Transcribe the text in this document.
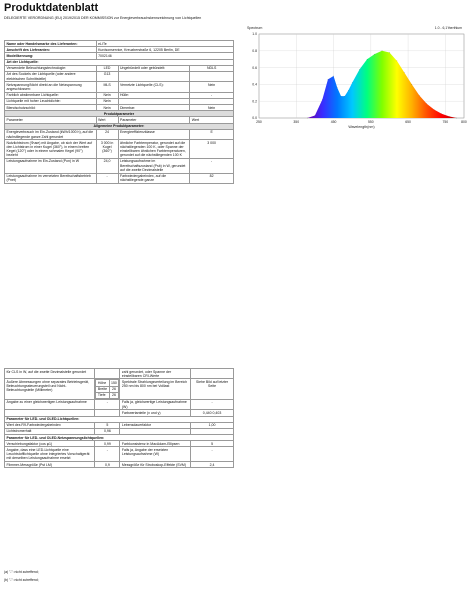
Produktdatenblatt
DELEGIERTE VERORDNUNG (EU) 2019/2015 DER KOMMISSION zur Energieverbrauchskennzeichnung von Lichtquellen
Name oder Handelsmarke des Lieferanten:	eLITe		
Anschrift des Lieferanten:	Kurdsonservice, Kreuzberstraße 6, 12205 Berlin, DE		
Modellkennung:	7002146		
Art der Lichtquelle:			
Verwendete Beleuchtungstechnologie:	LED	Ungebündelt oder gebündelt:	NDLS
Art des Sockels der Lichtquelle (oder andere elektrischen Schnittstelle)	G13		
Netzspannung/Nicht direkt an die Netzspannung angeschlossen:	MLS	Vernetzte Lichtquelle (CLS):	Nein
Farblich abstimmbare Lichtquelle:	Nein	Hülle:	-
Lichtquelle mit hoher Leuchtdichte:	Nein		
Blendschutzschild:	Nein	Dimmbar:	Nein
Produktparameter			
Parameter	Wert	Parameter	Wert
Allgemeine Produktparameter:			
Energieverbrauch im Ein-Zustand (kWh/1000 h), auf die nächstliegende ganze Zahl gerundet	24	Energieeffizienzklasse	E
Nutzlichtstrom (Φuse) mit Angabe, ob sich der Wert auf den Lichtstrom in einer Kugel (360°), in einem breiten Kegel (120°) oder in einem schmalen Kegel (90°) bezieht	3 000 in Kugel (360°)	ähnliche Farbtemperatur, gerundet auf die nächstliegenden 100 K, oder Spanne der einstellbaren ähnlichen Farbtemperaturen, gerundet auf die nächstliegenden 100 K	3 000
Leistungsaufnahme im Ein-Zustand (Pon) in W	24,0	Leistungsaufnahme im Bereitschaftszustand (Psb) in W, gerundet auf die zweite Dezimalstelle	-
Leistungsaufnahme im vernetzten Bereitschaftsbetrieb (Pnet)	-	Farbwiedergabeindex, auf die nächstliegende ganze	82
für CLS in W, auf die zweite Dezimalstelle gerundet		zahl gerundet, oder Spanne der einstellbaren CRI-Werte	
Äußere Abmessungen ohne separates Betriebsgerät, Beleuchtungssteuerungsteil und Nicht-Beleuchtungsteile (Millimeter)	
Höhe	150
Breite	26
Tiefe	26
	Spektrale Strahlungsverteilung im Bereich 250 nm bis 800 nm bei Volllast	Siehe Bild auf letzter Seite
Angabe zu einer gleichwertigen Leistungsaufnahme	-	Falls ja, gleichwertige Leistungsaufnahme (W)	-
		Farbwertanteile (x und y)	0,440 0,403
Parameter für LED- und OLED-Lichtquellen:
Wert des R9-Farbwiedergabeindex	5	Lebensdauerfaktor	1,00
Lichtstromerhalt	0,96		
Parameter für LED- und OLED-Netzspannungslichtquellen:
Verschiebungsfaktor (cos φ1)	0,99	Farbkonsistenz in MacAdam-Ellipsen	5
Angabe, dass eine LED-Lichtquelle eine Leuchtstofflichtquelle ohne integriertes Vorschaltgerät mit derselben Leistungsaufnahme ersetzt	-	Falls ja, Angabe der ersetzten Leistungsaufnahme (W)	-
Flimmer-Messgröße (Pst LM)	0,9	Messgröße für Stroboskop-Effekte (SVM)	2,4
(a) "-": nicht zutreffend;
(b) "-": nicht zutreffend;
250	350	450	550	650	750	800
0.0
0.2
0.4
0.6
0.8
1.0
Spectrum	1.0 - 6,1'therthlum
Wavelength(nm)
